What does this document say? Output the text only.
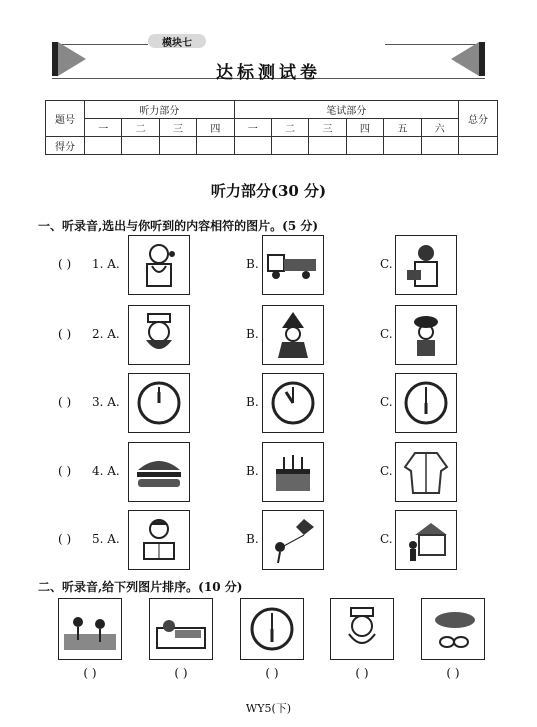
模块七
达标测试卷
题号	听力部分				笔试部分						总分
	一	二	三	四	一	二	三	四	五	六	
得分											
听力部分(30 分)
一、听录音,选出与你听到的内容相符的图片。(5 分)
( ) 1. A.	B.	C.
( ) 2. A.	B.	C.
( ) 3. A.	B.	C.
( ) 4. A.	B.	C.
( ) 5. A.	B.	C.
二、听录音,给下列图片排序。(10 分)
( )	( )	( )	( )	( )
WY5(下)
